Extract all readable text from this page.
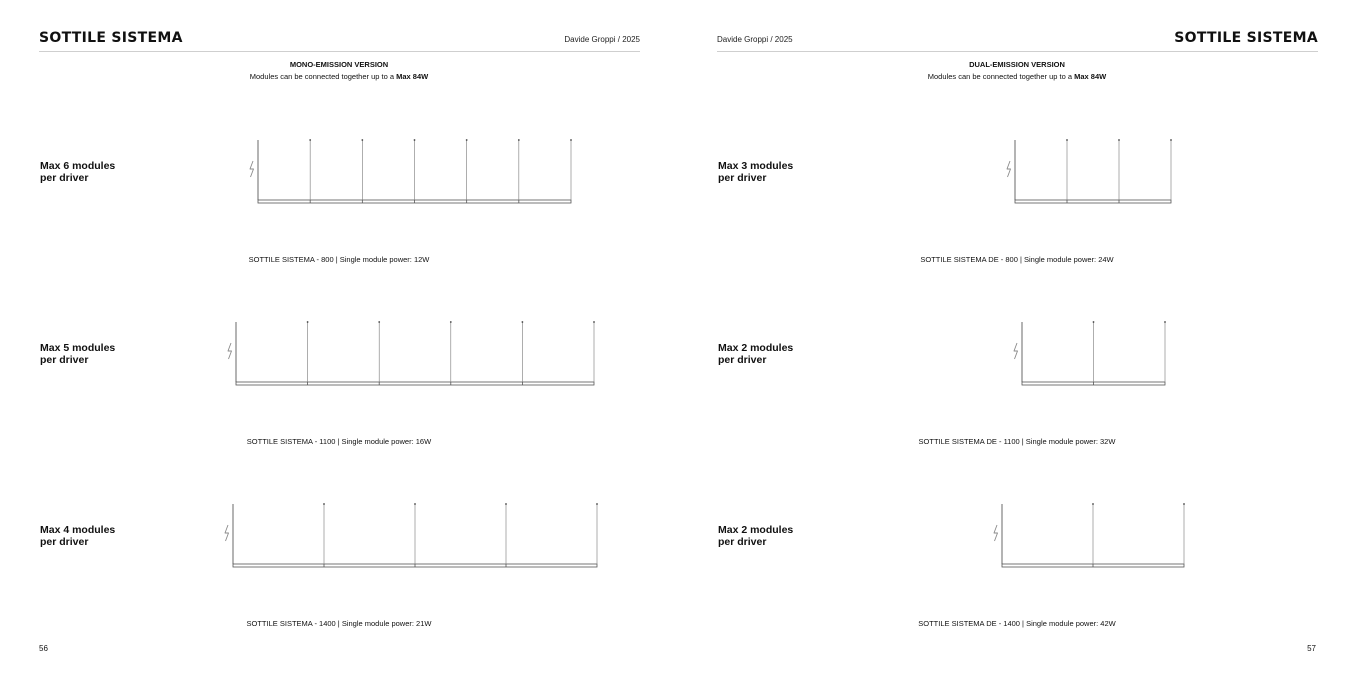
SOTTILE SISTEMA	Davide Groppi / 2025
MONO-EMISSION VERSION
Modules can be connected together up to a Max 84W
Max 6 modules
per driver
SOTTILE SISTEMA - 800 | Single module power: 12W
Max 5 modules
per driver
SOTTILE SISTEMA - 1100 | Single module power: 16W
Max 4 modules
per driver
SOTTILE SISTEMA - 1400 | Single module power: 21W
56
Davide Groppi / 2025	SOTTILE SISTEMA
DUAL-EMISSION VERSION
Modules can be connected together up to a Max 84W
Max 3 modules
per driver
SOTTILE SISTEMA DE - 800 | Single module power: 24W
Max 2 modules
per driver
SOTTILE SISTEMA DE - 1100 | Single module power: 32W
Max 2 modules
per driver
SOTTILE SISTEMA DE - 1400 | Single module power: 42W
57
